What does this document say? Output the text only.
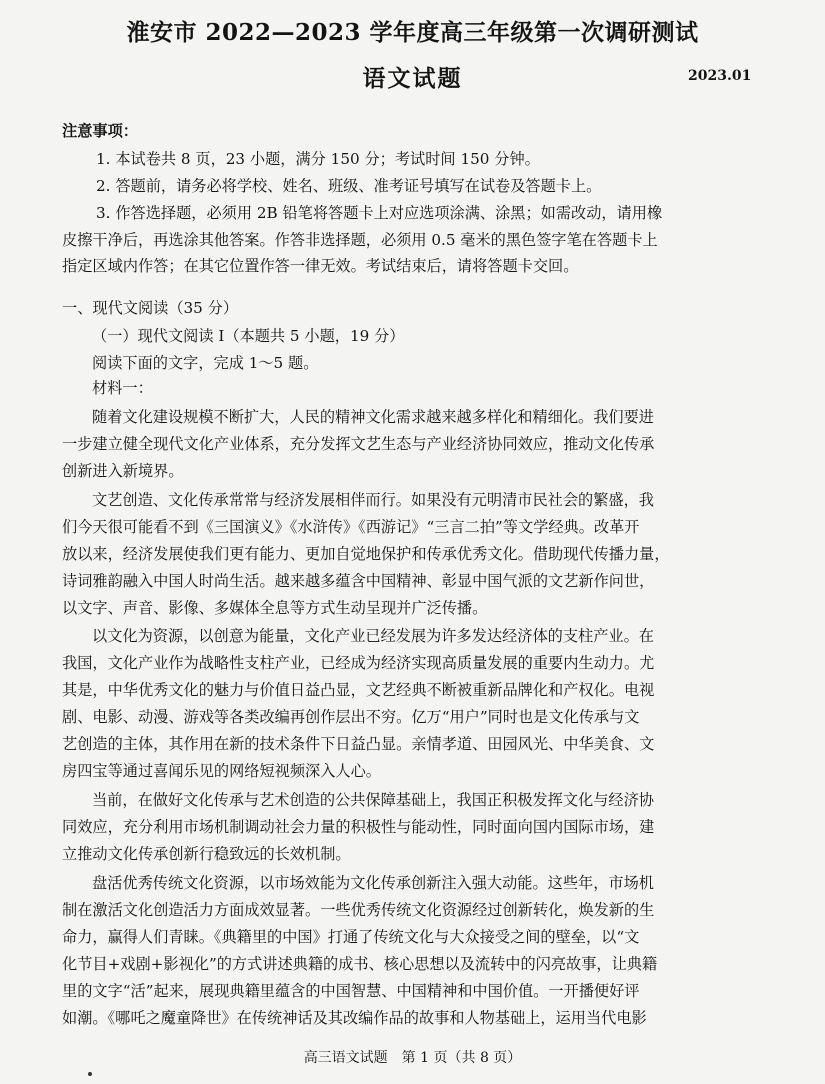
淮安市 2022—2023 学年度高三年级第一次调研测试
语文试题	2023.01
注意事项：
1. 本试卷共 8 页，23 小题，满分 150 分；考试时间 150 分钟。
2. 答题前，请务必将学校、姓名、班级、准考证号填写在试卷及答题卡上。
3. 作答选择题，必须用 2B 铅笔将答题卡上对应选项涂满、涂黑；如需改动，请用橡
皮擦干净后，再选涂其他答案。作答非选择题，必须用 0.5 毫米的黑色签字笔在答题卡上
指定区域内作答；在其它位置作答一律无效。考试结束后，请将答题卡交回。
一、现代文阅读（35 分）
（一）现代文阅读 I（本题共 5 小题，19 分）
阅读下面的文字，完成 1～5 题。
材料一：
随着文化建设规模不断扩大，人民的精神文化需求越来越多样化和精细化。我们要进
一步建立健全现代文化产业体系，充分发挥文艺生态与产业经济协同效应，推动文化传承
创新进入新境界。
文艺创造、文化传承常常与经济发展相伴而行。如果没有元明清市民社会的繁盛，我
们今天很可能看不到《三国演义》《水浒传》《西游记》“三言二拍”等文学经典。改革开
放以来，经济发展使我们更有能力、更加自觉地保护和传承优秀文化。借助现代传播力量，
诗词雅韵融入中国人时尚生活。越来越多蕴含中国精神、彰显中国气派的文艺新作问世，
以文字、声音、影像、多媒体全息等方式生动呈现并广泛传播。
以文化为资源，以创意为能量，文化产业已经发展为许多发达经济体的支柱产业。在
我国，文化产业作为战略性支柱产业，已经成为经济实现高质量发展的重要内生动力。尤
其是，中华优秀文化的魅力与价值日益凸显，文艺经典不断被重新品牌化和产权化。电视
剧、电影、动漫、游戏等各类改编再创作层出不穷。亿万“用户”同时也是文化传承与文
艺创造的主体，其作用在新的技术条件下日益凸显。亲情孝道、田园风光、中华美食、文
房四宝等通过喜闻乐见的网络短视频深入人心。
当前，在做好文化传承与艺术创造的公共保障基础上，我国正积极发挥文化与经济协
同效应，充分利用市场机制调动社会力量的积极性与能动性，同时面向国内国际市场，建
立推动文化传承创新行稳致远的长效机制。
盘活优秀传统文化资源，以市场效能为文化传承创新注入强大动能。这些年，市场机
制在激活文化创造活力方面成效显著。一些优秀传统文化资源经过创新转化，焕发新的生
命力，赢得人们青睐。《典籍里的中国》打通了传统文化与大众接受之间的壁垒，以“文
化节目+戏剧+影视化”的方式讲述典籍的成书、核心思想以及流转中的闪亮故事，让典籍
里的文字“活”起来，展现典籍里蕴含的中国智慧、中国精神和中国价值。一开播便好评
如潮。《哪吒之魔童降世》在传统神话及其改编作品的故事和人物基础上，运用当代电影
高三语文试题　第 1 页（共 8 页）
